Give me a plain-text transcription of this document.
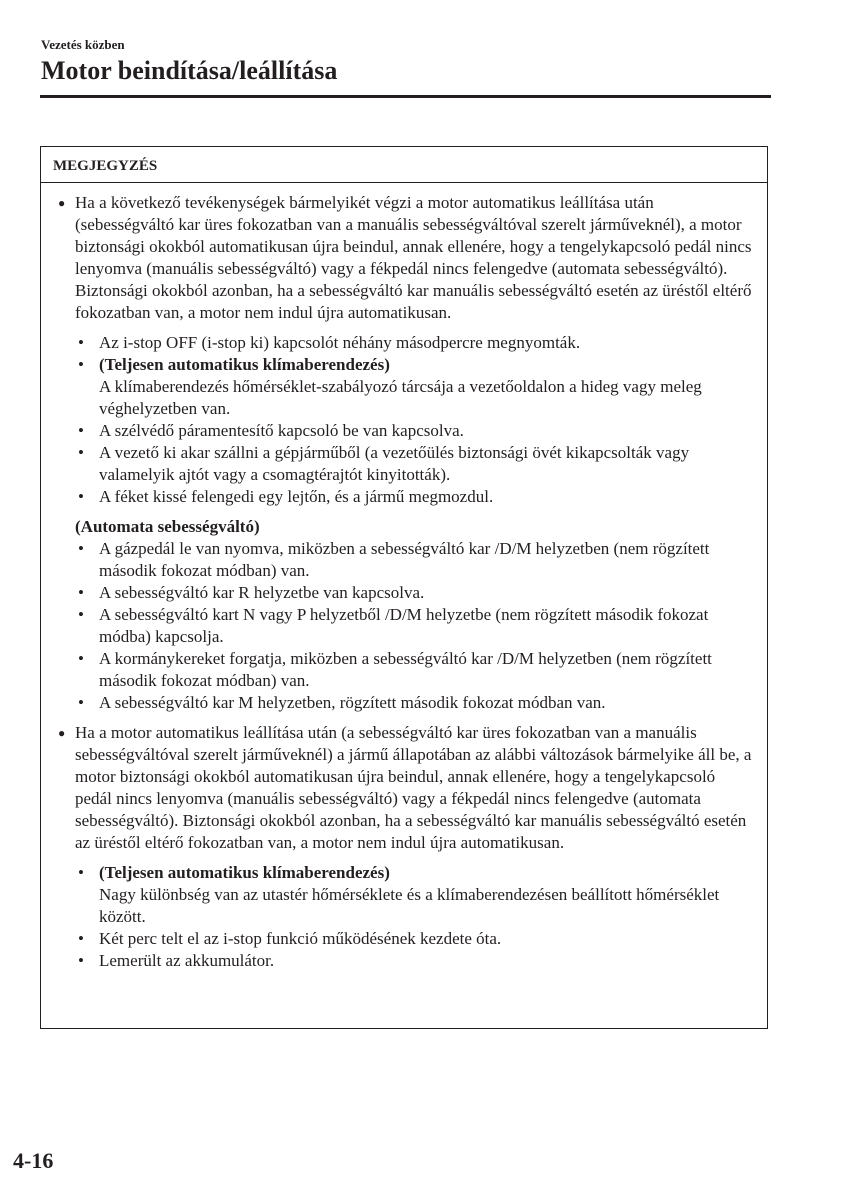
Vezetés közben
Motor beindítása/leállítása
MEGJEGYZÉS
● Ha a következő tevékenységek bármelyikét végzi a motor automatikus leállítása után (sebességváltó kar üres fokozatban van a manuális sebességváltóval szerelt járműveknél), a motor biztonsági okokból automatikusan újra beindul, annak ellenére, hogy a tengelykapcsoló pedál nincs lenyomva (manuális sebességváltó) vagy a fékpedál nincs felengedve (automata sebességváltó). Biztonsági okokból azonban, ha a sebességváltó kar manuális sebességváltó esetén az üréstől eltérő fokozatban van, a motor nem indul újra automatikusan.

• Az i-stop OFF (i-stop ki) kapcsolót néhány másodpercre megnyomták.
• (Teljesen automatikus klímaberendezés)
A klímaberendezés hőmérséklet-szabályozó tárcsája a vezetőoldalon a hideg vagy meleg véghelyzetben van.
• A szélvédő páramentesítő kapcsoló be van kapcsolva.
• A vezető ki akar szállni a gépjárműből (a vezetőülés biztonsági övét kikapcsolták vagy valamelyik ajtót vagy a csomagtérajtót kinyitották).
• A féket kissé felengedi egy lejtőn, és a jármű megmozdul.

(Automata sebességváltó)

• A gázpedál le van nyomva, miközben a sebességváltó kar /D/M helyzetben (nem rögzített második fokozat módban) van.
• A sebességváltó kar R helyzetbe van kapcsolva.
• A sebességváltó kart N vagy P helyzetből /D/M helyzetbe (nem rögzített második fokozat módba) kapcsolja.
• A kormánykereket forgatja, miközben a sebességváltó kar /D/M helyzetben (nem rögzített második fokozat módban) van.
• A sebességváltó kar M helyzetben, rögzített második fokozat módban van.
● Ha a motor automatikus leállítása után (a sebességváltó kar üres fokozatban van a manuális sebességváltóval szerelt járműveknél) a jármű állapotában az alábbi változások bármelyike áll be, a motor biztonsági okokból automatikusan újra beindul, annak ellenére, hogy a tengelykapcsoló pedál nincs lenyomva (manuális sebességváltó) vagy a fékpedál nincs felengedve (automata sebességváltó). Biztonsági okokból azonban, ha a sebességváltó kar manuális sebességváltó esetén az üréstől eltérő fokozatban van, a motor nem indul újra automatikusan.

• (Teljesen automatikus klímaberendezés)
Nagy különbség van az utastér hőmérséklete és a klímaberendezésen beállított hőmérséklet között.
• Két perc telt el az i-stop funkció működésének kezdete óta.
• Lemerült az akkumulátor.
4-16
